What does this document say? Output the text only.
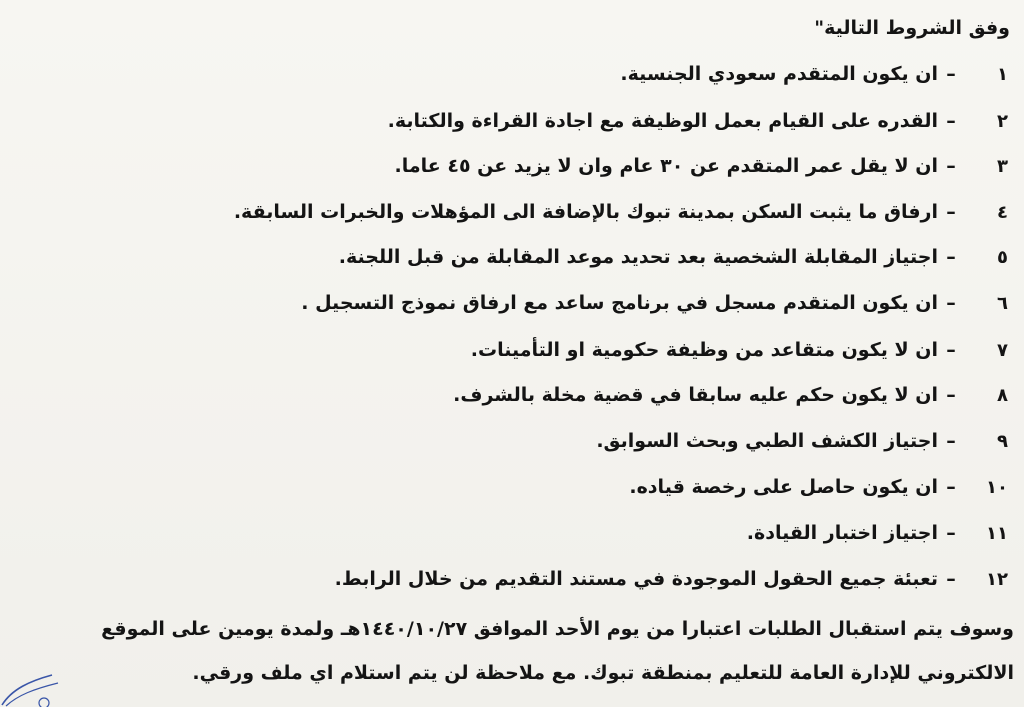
وفق الشروط التالية"
١
–
ان يكون المتقدم سعودي الجنسية.
٢
–
القدره على القيام بعمل الوظيفة مع اجادة القراءة والكتابة.
٣
–
ان لا يقل عمر المتقدم عن ٣٠ عام وان لا يزيد عن ٤٥ عاما.
٤
–
ارفاق ما يثبت السكن بمدينة تبوك بالإضافة الى المؤهلات والخبرات السابقة.
٥
–
اجتياز المقابلة الشخصية بعد تحديد موعد المقابلة من قبل اللجنة.
٦
–
ان يكون المتقدم مسجل في برنامج ساعد مع ارفاق نموذج التسجيل .
٧
–
ان لا يكون متقاعد من وظيفة حكومية او التأمينات.
٨
–
ان لا يكون حكم عليه سابقا في قضية مخلة بالشرف.
٩
–
اجتياز الكشف الطبي وبحث السوابق.
١٠
–
ان يكون حاصل على رخصة قياده.
١١
–
اجتياز اختبار القيادة.
١٢
–
تعبئة جميع الحقول الموجودة في مستند التقديم من خلال الرابط.
وسوف يتم استقبال الطلبات اعتبارا من يوم الأحد الموافق ١٤٤٠/١٠/٢٧هـ ولمدة يومين على الموقع
الالكتروني للإدارة العامة للتعليم بمنطقة تبوك. مع ملاحظة لن يتم استلام اي ملف ورقي.
